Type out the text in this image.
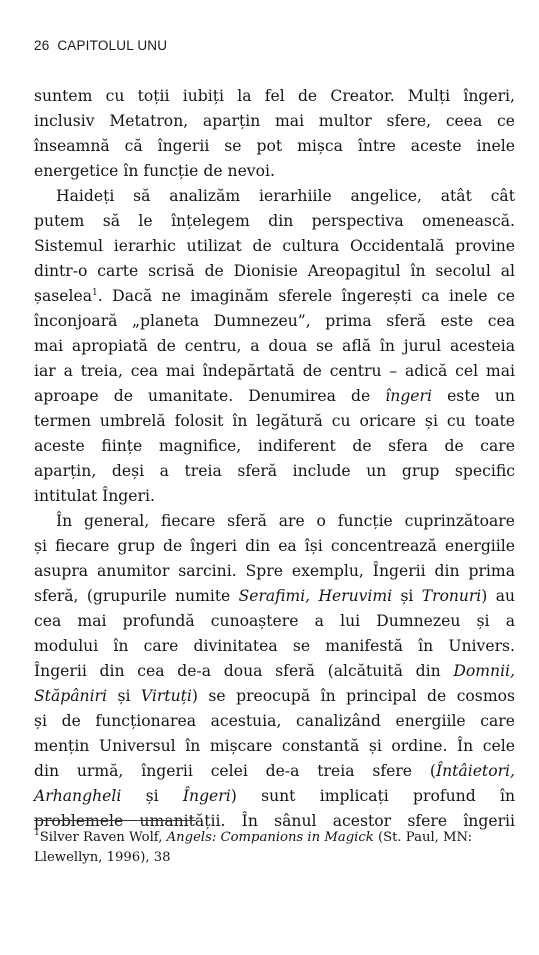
26 CAPITOLUL UNU
suntem cu toții iubiți la fel de Creator. Mulți îngeri,
inclusiv Metatron, aparțin mai multor sfere, ceea ce
înseamnă că îngerii se pot mișca între aceste inele
energetice în funcție de nevoi.
Haideți să analizăm ierarhiile angelice, atât cât
putem să le înțelegem din perspectiva omenească.
Sistemul ierarhic utilizat de cultura Occidentală provine
dintr-o carte scrisă de Dionisie Areopagitul în secolul al
șaselea$^1$. Dacă ne imaginăm sferele îngerești ca inele ce
înconjoară „planeta Dumnezeu”, prima sferă este cea
mai apropiată de centru, a doua se află în jurul acesteia
iar a treia, cea mai îndepărtată de centru – adică cel mai
aproape de umanitate. Denumirea de îngeri este un
termen umbrelă folosit în legătură cu oricare și cu toate
aceste ființe magnifice, indiferent de sfera de care
aparțin, deși a treia sferă include un grup specific
intitulat Îngeri.
În general, fiecare sferă are o funcție cuprinzătoare
și fiecare grup de îngeri din ea își concentrează energiile
asupra anumitor sarcini. Spre exemplu, Îngerii din prima
sferă, (grupurile numite Serafimi, Heruvimi și Tronuri) au
cea mai profundă cunoaștere a lui Dumnezeu și a
modului în care divinitatea se manifestă în Univers.
Îngerii din cea de-a doua sferă (alcătuită din Domnii,
Stăpâniri și Virtuți) se preocupă în principal de cosmos
și de funcționarea acestuia, canalizând energiile care
mențin Universul în mișcare constantă și ordine. În cele
din urmă, îngerii celei de-a treia sfere (Întâietori,
Arhangheli și Îngeri) sunt implicați profund în
problemele umanității. În sânul acestor sfere îngerii
$^1$Silver Raven Wolf, Angels: Companions in Magick (St. Paul, MN:
Llewellyn, 1996), 38
